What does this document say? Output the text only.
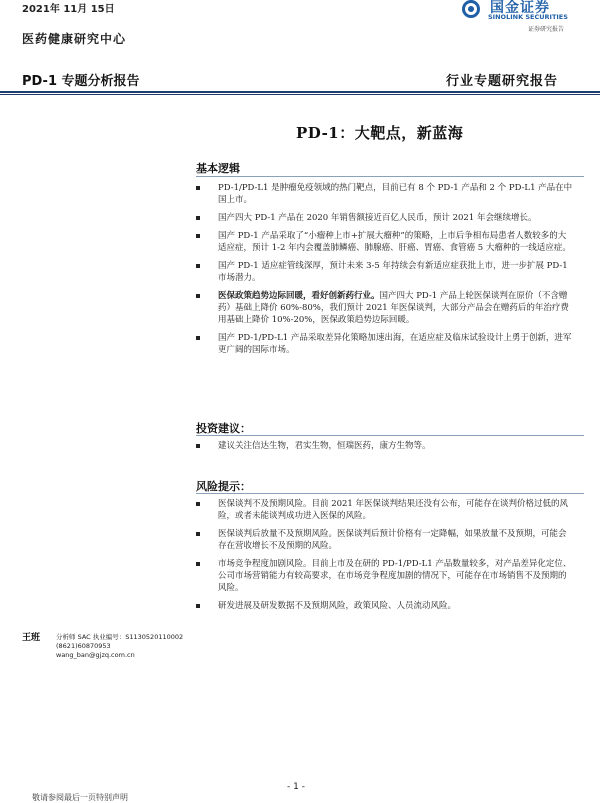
2021年 11月 15日
医药健康研究中心
国金证券
SINOLINK SECURITIES
证券研究报告
PD-1 专题分析报告	行业专题研究报告
PD-1：大靶点，新蓝海
基本逻辑
PD-1/PD-L1 是肿瘤免疫领域的热门靶点，目前已有 8 个 PD-1 产品和 2 个 PD-L1 产品在中国上市。
国产四大 PD-1 产品在 2020 年销售额接近百亿人民币，预计 2021 年会继续增长。
国产 PD-1 产品采取了“小瘤种上市+扩展大瘤种”的策略，上市后争相布局患者人数较多的大适应症，预计 1-2 年内会覆盖肺鳞癌、肺腺癌、肝癌、胃癌、食管癌 5 大瘤种的一线适应症。
国产 PD-1 适应症管线深厚，预计未来 3-5 年持续会有新适应症获批上市，进一步扩展 PD-1 市场潜力。
医保政策趋势边际回暖，看好创新药行业。国产四大 PD-1 产品上轮医保谈判在原价（不含赠药）基础上降价 60%-80%，我们预计 2021 年医保谈判，大部分产品会在赠药后的年治疗费用基础上降价 10%-20%，医保政策趋势边际回暖。
国产 PD-1/PD-L1 产品采取差异化策略加速出海，在适应症及临床试验设计上勇于创新，进军更广阔的国际市场。
投资建议：
建议关注信达生物，君实生物，恒瑞医药，康方生物等。
风险提示：
医保谈判不及预期风险。目前 2021 年医保谈判结果还没有公布，可能存在谈判价格过低的风险，或者未能谈判成功进入医保的风险。
医保谈判后放量不及预期风险。医保谈判后预计价格有一定降幅，如果放量不及预期，可能会存在营收增长不及预期的风险。
市场竞争程度加剧风险。目前上市及在研的 PD-1/PD-L1 产品数量较多，对产品差异化定位、公司市场营销能力有较高要求，在市场竞争程度加剧的情况下，可能存在市场销售不及预期的风险。
研发进展及研发数据不及预期风险，政策风险、人员流动风险。
王班 分析师 SAC 执业编号：S1130520110002
(8621)60870953
wang_ban@gjzq.com.cn
- 1 -
敬请参阅最后一页特别声明
